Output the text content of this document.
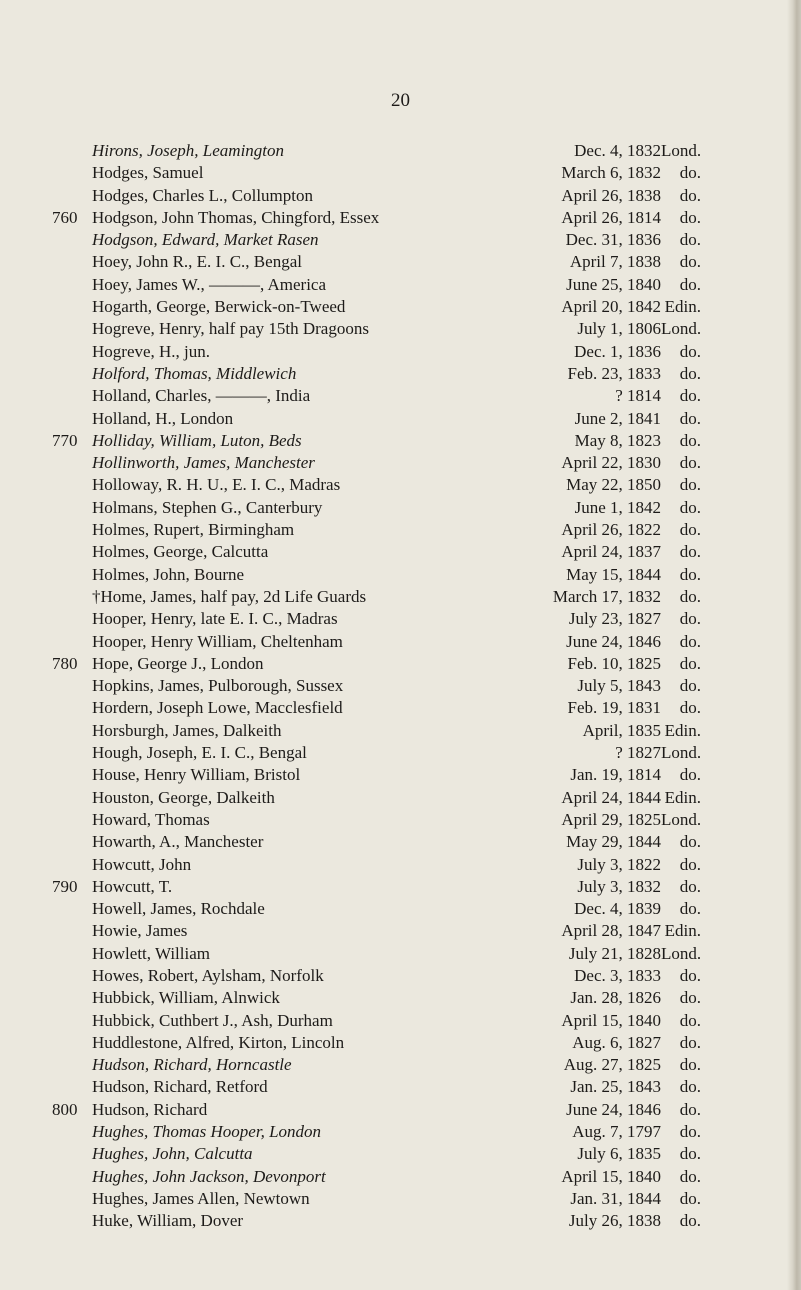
20
Hirons, Joseph, Leamington	Dec. 4, 1832 Lond.
Hodges, Samuel	March 6, 1832	do.
Hodges, Charles L., Collumpton	April 26, 1838	do.
760 Hodgson, John Thomas, Chingford, Essex	April 26, 1814	do.
Hodgson, Edward, Market Rasen	Dec. 31, 1836	do.
Hoey, John R., E. I. C., Bengal	April 7, 1838	do.
Hoey, James W., ———, America	June 25, 1840	do.
Hogarth, George, Berwick-on-Tweed	April 20, 1842 Edin.
Hogreve, Henry, half pay 15th Dragoons	July 1, 1806 Lond.
Hogreve, H., jun.	Dec. 1, 1836	do.
Holford, Thomas, Middlewich	Feb. 23, 1833	do.
Holland, Charles, ———, India	? 1814	do.
Holland, H., London	June 2, 1841	do.
770 Holliday, William, Luton, Beds	May 8, 1823	do.
Hollinworth, James, Manchester	April 22, 1830	do.
Holloway, R. H. U., E. I. C., Madras	May 22, 1850	do.
Holmans, Stephen G., Canterbury	June 1, 1842	do.
Holmes, Rupert, Birmingham	April 26, 1822	do.
Holmes, George, Calcutta	April 24, 1837	do.
Holmes, John, Bourne	May 15, 1844	do.
†Home, James, half pay, 2d Life Guards	March 17, 1832	do.
Hooper, Henry, late E. I. C., Madras	July 23, 1827	do.
Hooper, Henry William, Cheltenham	June 24, 1846	do.
780 Hope, George J., London	Feb. 10, 1825	do.
Hopkins, James, Pulborough, Sussex	July 5, 1843	do.
Hordern, Joseph Lowe, Macclesfield	Feb. 19, 1831	do.
Horsburgh, James, Dalkeith	April, 1835 Edin.
Hough, Joseph, E. I. C., Bengal	? 1827 Lond.
House, Henry William, Bristol	Jan. 19, 1814	do.
Houston, George, Dalkeith	April 24, 1844 Edin.
Howard, Thomas	April 29, 1825 Lond.
Howarth, A., Manchester	May 29, 1844	do.
Howcutt, John	July 3, 1822	do.
790 Howcutt, T.	July 3, 1832	do.
Howell, James, Rochdale	Dec. 4, 1839	do.
Howie, James	April 28, 1847 Edin.
Howlett, William	July 21, 1828 Lond.
Howes, Robert, Aylsham, Norfolk	Dec. 3, 1833	do.
Hubbick, William, Alnwick	Jan. 28, 1826	do.
Hubbick, Cuthbert J., Ash, Durham	April 15, 1840	do.
Huddlestone, Alfred, Kirton, Lincoln	Aug. 6, 1827	do.
Hudson, Richard, Horncastle	Aug. 27, 1825	do.
Hudson, Richard, Retford	Jan. 25, 1843	do.
800 Hudson, Richard	June 24, 1846	do.
Hughes, Thomas Hooper, London	Aug. 7, 1797	do.
Hughes, John, Calcutta	July 6, 1835	do.
Hughes, John Jackson, Devonport	April 15, 1840	do.
Hughes, James Allen, Newtown	Jan. 31, 1844	do.
Huke, William, Dover	July 26, 1838	do.
